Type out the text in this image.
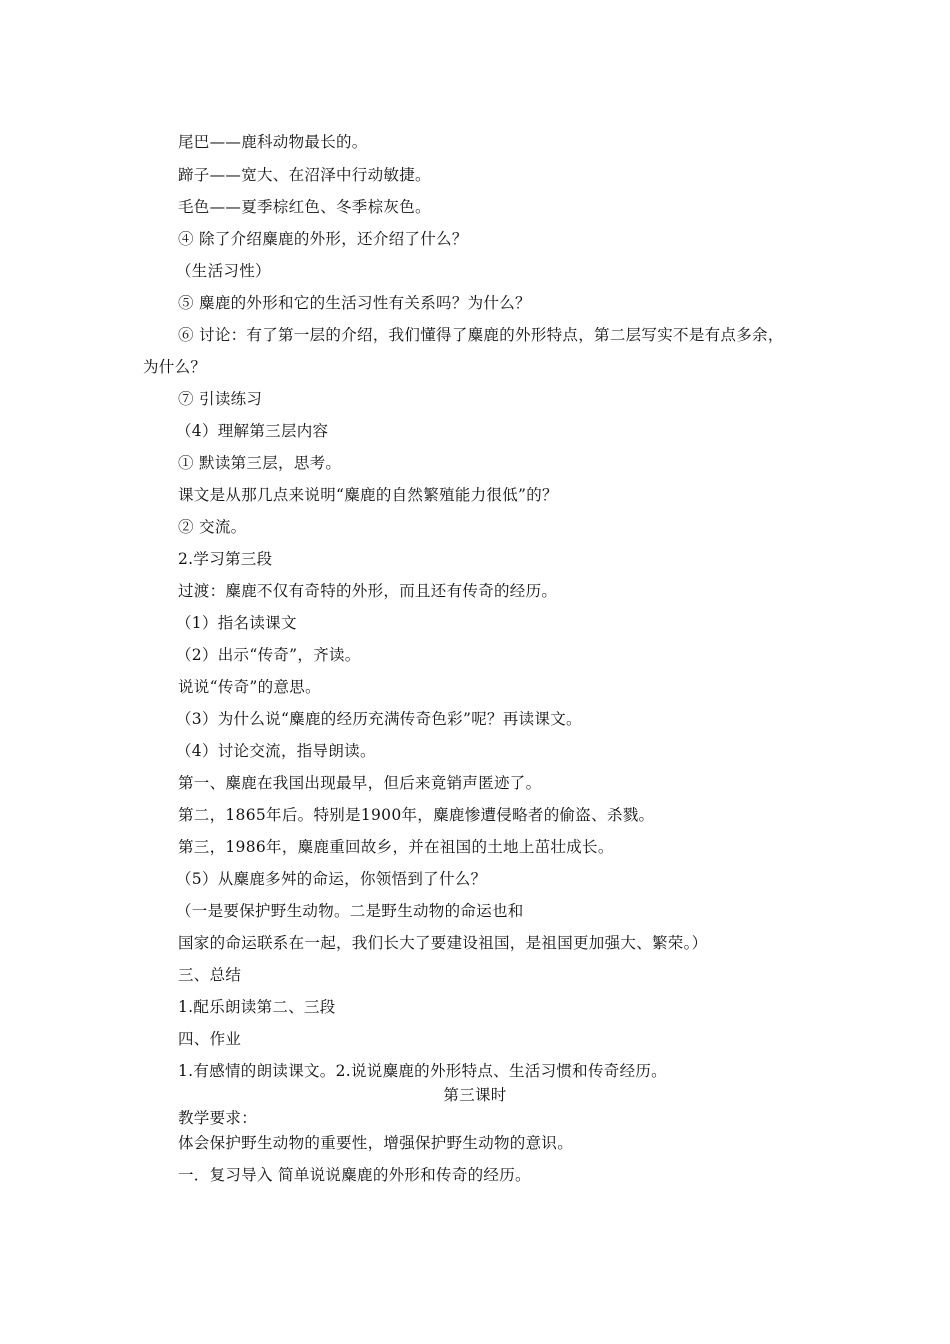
尾巴——鹿科动物最长的。
蹄子——宽大、在沼泽中行动敏捷。
毛色——夏季棕红色、冬季棕灰色。
④ 除了介绍麋鹿的外形，还介绍了什么？
（生活习性）
⑤ 麋鹿的外形和它的生活习性有关系吗？为什么？
⑥ 讨论：有了第一层的介绍，我们懂得了麋鹿的外形特点，第二层写实不是有点多余，
为什么？
⑦ 引读练习
（4）理解第三层内容
① 默读第三层，思考。
课文是从那几点来说明“麋鹿的自然繁殖能力很低”的？
② 交流。
2.学习第三段
过渡：麋鹿不仅有奇特的外形，而且还有传奇的经历。
（1）指名读课文
（2）出示“传奇”，齐读。
说说“传奇”的意思。
（3）为什么说“麋鹿的经历充满传奇色彩”呢？再读课文。
（4）讨论交流，指导朗读。
第一、麋鹿在我国出现最早，但后来竟销声匿迹了。
第二，1865年后。特别是1900年，麋鹿惨遭侵略者的偷盗、杀戮。
第三，1986年，麋鹿重回故乡，并在祖国的土地上茁壮成长。
（5）从麋鹿多舛的命运，你领悟到了什么？
（一是要保护野生动物。二是野生动物的命运也和
国家的命运联系在一起，我们长大了要建设祖国，是祖国更加强大、繁荣。）
三、总结
1.配乐朗读第二、三段
四、作业
1.有感情的朗读课文。2.说说麋鹿的外形特点、生活习惯和传奇经历。
第三课时
教学要求：
体会保护野生动物的重要性，增强保护野生动物的意识。
一．复习导入 简单说说麋鹿的外形和传奇的经历。
